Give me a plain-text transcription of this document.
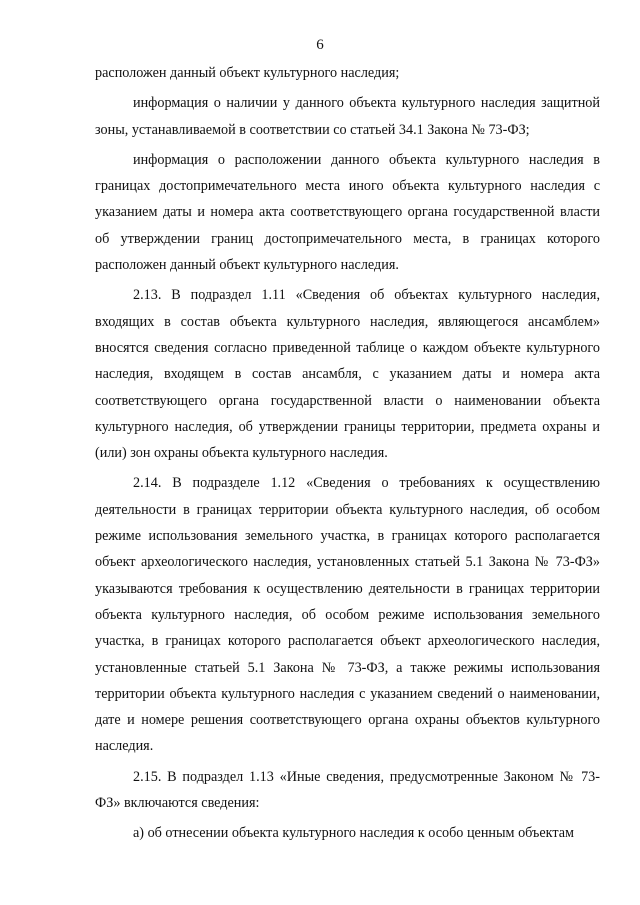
6

расположен данный объект культурного наследия;

информация о наличии у данного объекта культурного наследия защитной зоны, устанавливаемой в соответствии со статьей 34.1 Закона № 73-ФЗ;

информация о расположении данного объекта культурного наследия в границах достопримечательного места иного объекта культурного наследия с указанием даты и номера акта соответствующего органа государственной власти об утверждении границ достопримечательного места, в границах которого расположен данный объект культурного наследия.

2.13. В подраздел 1.11 «Сведения об объектах культурного наследия, входящих в состав объекта культурного наследия, являющегося ансамблем» вносятся сведения согласно приведенной таблице о каждом объекте культурного наследия, входящем в состав ансамбля, с указанием даты и номера акта соответствующего органа государственной власти о наименовании объекта культурного наследия, об утверждении границы территории, предмета охраны и (или) зон охраны объекта культурного наследия.

2.14. В подразделе 1.12 «Сведения о требованиях к осуществлению деятельности в границах территории объекта культурного наследия, об особом режиме использования земельного участка, в границах которого располагается объект археологического наследия, установленных статьей 5.1 Закона № 73-ФЗ» указываются требования к осуществлению деятельности в границах территории объекта культурного наследия, об особом режиме использования земельного участка, в границах которого располагается объект археологического наследия, установленные статьей 5.1 Закона № 73-ФЗ, а также режимы использования территории объекта культурного наследия с указанием сведений о наименовании, дате и номере решения соответствующего органа охраны объектов культурного наследия.

2.15. В подраздел 1.13 «Иные сведения, предусмотренные Законом № 73-ФЗ» включаются сведения:

а) об отнесении объекта культурного наследия к особо ценным объектам
